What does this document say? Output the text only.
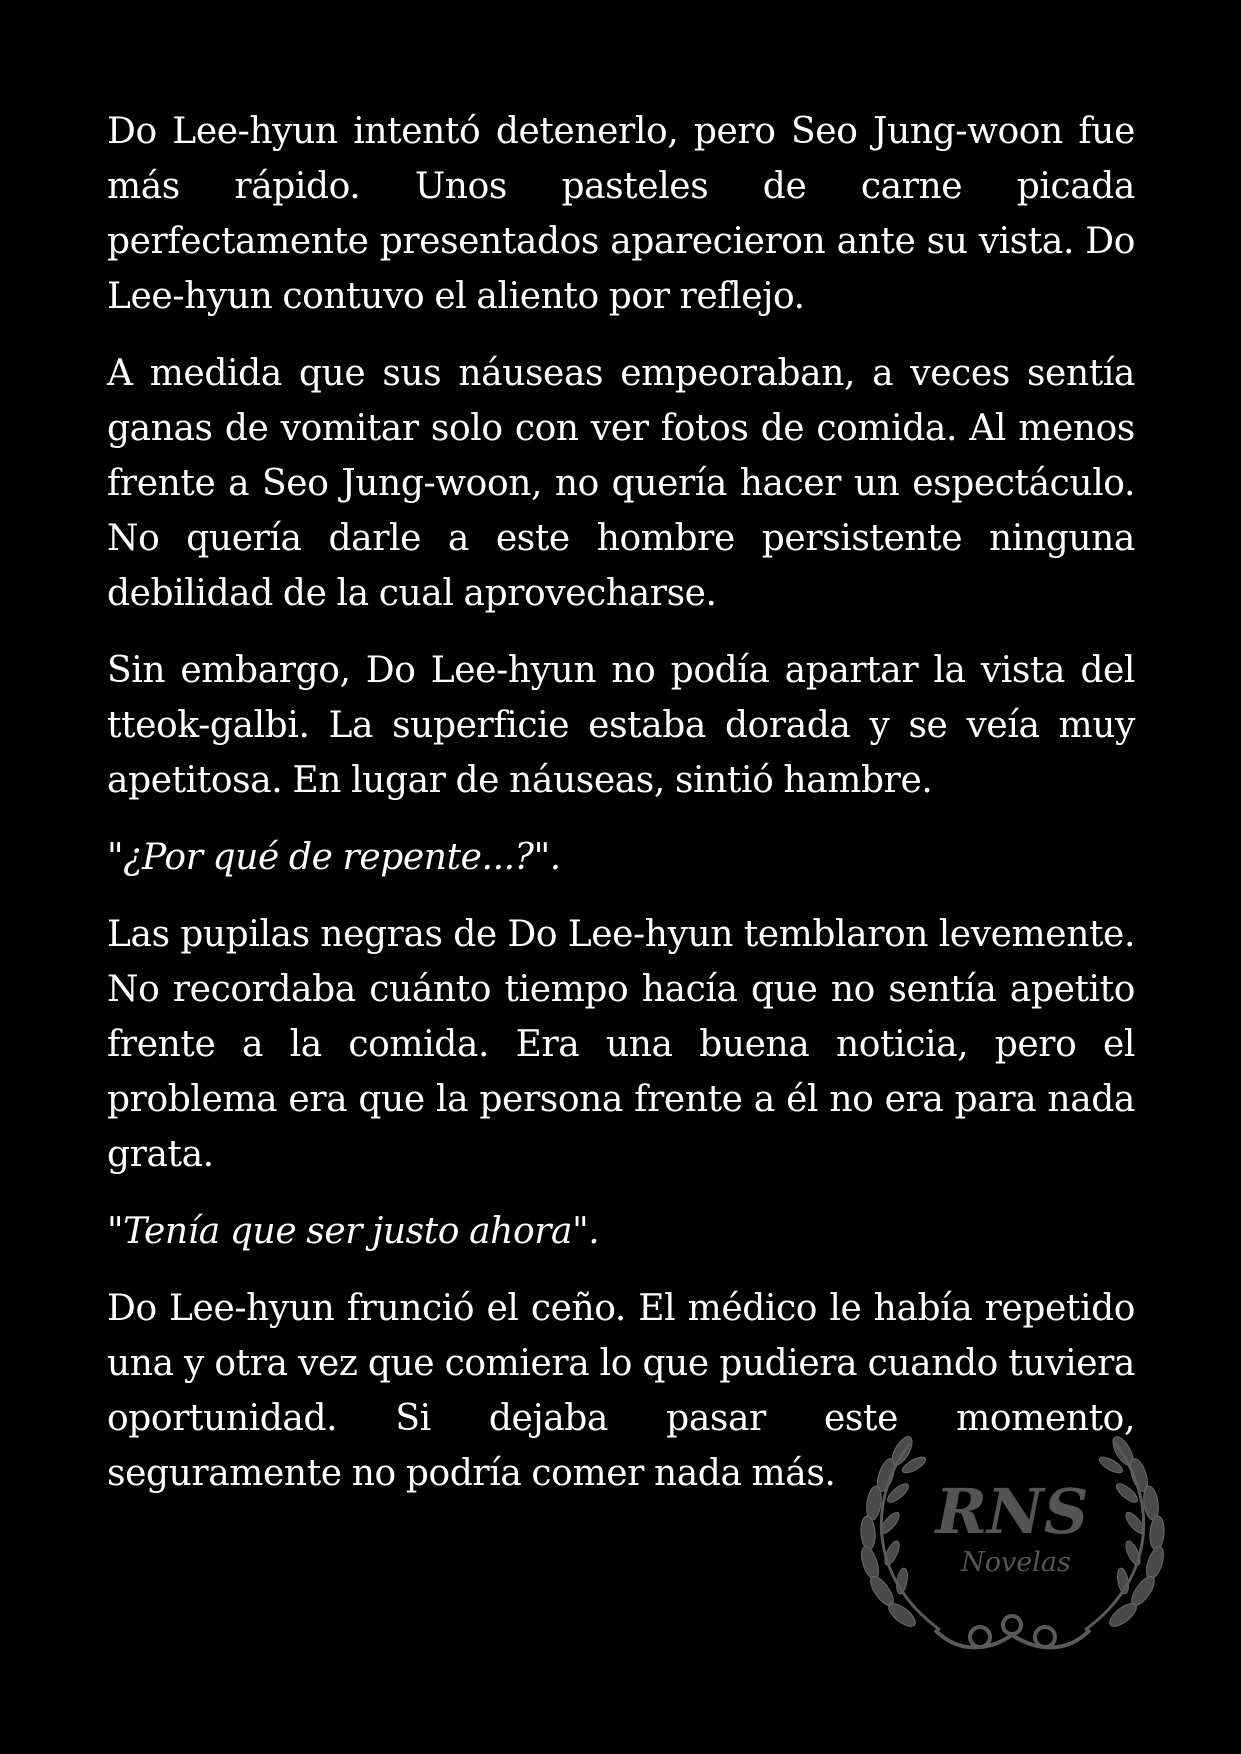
Do Lee-hyun intentó detenerlo, pero Seo Jung-woon fue más rápido. Unos pasteles de carne picada perfectamente presentados aparecieron ante su vista. Do Lee-hyun contuvo el aliento por reflejo.

A medida que sus náuseas empeoraban, a veces sentía ganas de vomitar solo con ver fotos de comida. Al menos frente a Seo Jung-woon, no quería hacer un espectáculo. No quería darle a este hombre persistente ninguna debilidad de la cual aprovecharse.

Sin embargo, Do Lee-hyun no podía apartar la vista del tteok-galbi. La superficie estaba dorada y se veía muy apetitosa. En lugar de náuseas, sintió hambre.

"¿Por qué de repente...?".

Las pupilas negras de Do Lee-hyun temblaron levemente. No recordaba cuánto tiempo hacía que no sentía apetito frente a la comida. Era una buena noticia, pero el problema era que la persona frente a él no era para nada grata.

"Tenía que ser justo ahora".

Do Lee-hyun frunció el ceño. El médico le había repetido una y otra vez que comiera lo que pudiera cuando tuviera oportunidad. Si dejaba pasar este momento, seguramente no podría comer nada más.

RNS
Novelas
